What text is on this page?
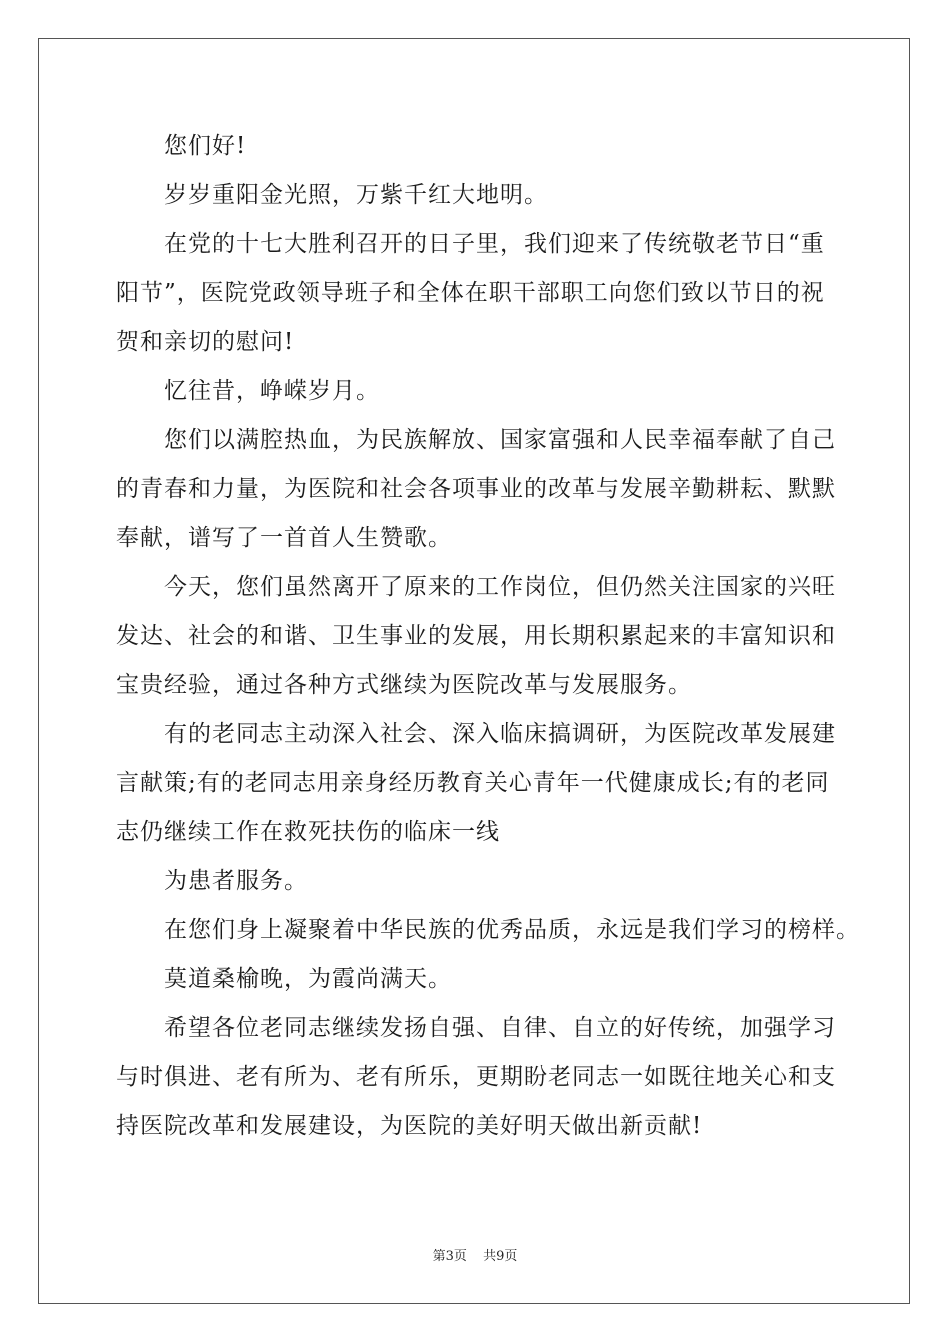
您们好!
岁岁重阳金光照，万紫千红大地明。
在党的十七大胜利召开的日子里，我们迎来了传统敬老节日“重
阳节”，医院党政领导班子和全体在职干部职工向您们致以节日的祝
贺和亲切的慰问!
忆往昔，峥嵘岁月。
您们以满腔热血，为民族解放、国家富强和人民幸福奉献了自己
的青春和力量，为医院和社会各项事业的改革与发展辛勤耕耘、默默
奉献，谱写了一首首人生赞歌。
今天，您们虽然离开了原来的工作岗位，但仍然关注国家的兴旺
发达、社会的和谐、卫生事业的发展，用长期积累起来的丰富知识和
宝贵经验，通过各种方式继续为医院改革与发展服务。
有的老同志主动深入社会、深入临床搞调研，为医院改革发展建
言献策;有的老同志用亲身经历教育关心青年一代健康成长;有的老同
志仍继续工作在救死扶伤的临床一线
为患者服务。
在您们身上凝聚着中华民族的优秀品质，永远是我们学习的榜样。
莫道桑榆晚，为霞尚满天。
希望各位老同志继续发扬自强、自律、自立的好传统，加强学习
与时俱进、老有所为、老有所乐，更期盼老同志一如既往地关心和支
持医院改革和发展建设，为医院的美好明天做出新贡献!
第3页 共9页
